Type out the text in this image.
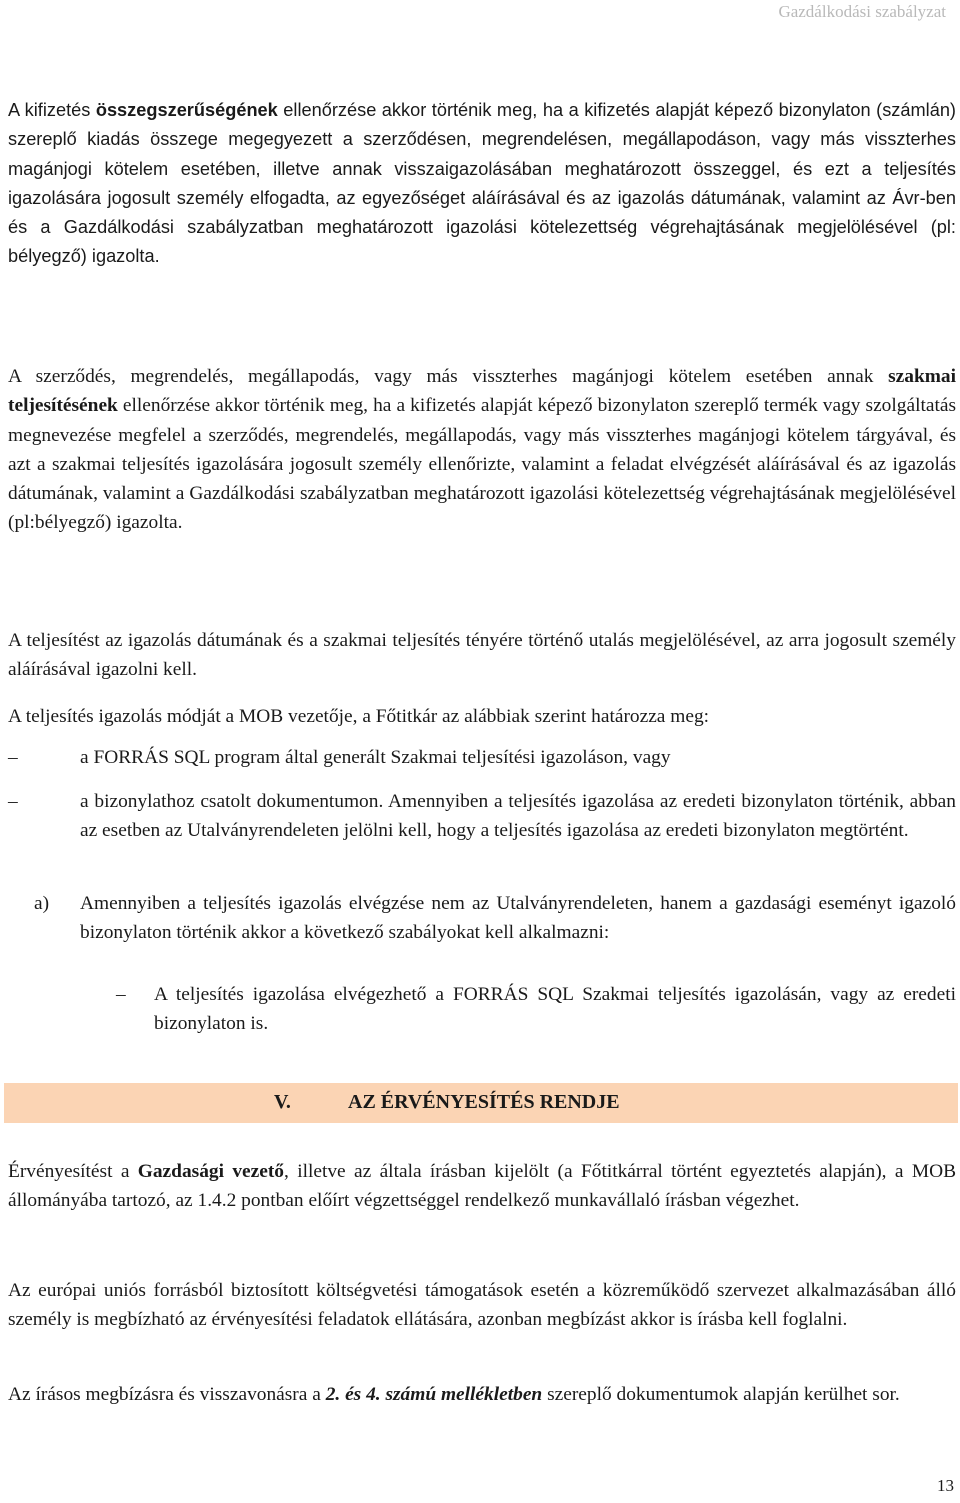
Gazdálkodási szabályzat
A kifizetés összegszerűségének ellenőrzése akkor történik meg, ha a kifizetés alapját képező bizonylaton (számlán) szereplő kiadás összege megegyezett a szerződésen, megrendelésen, megállapodáson, vagy más visszterhes magánjogi kötelem esetében, illetve annak visszaigazolásában meghatározott összeggel, és ezt a teljesítés igazolására jogosult személy elfogadta, az egyezőséget aláírásával és az igazolás dátumának, valamint az Ávr-ben és a Gazdálkodási szabályzatban meghatározott igazolási kötelezettség végrehajtásának megjelölésével (pl: bélyegző) igazolta.
A szerződés, megrendelés, megállapodás, vagy más visszterhes magánjogi kötelem esetében annak szakmai teljesítésének ellenőrzése akkor történik meg, ha a kifizetés alapját képező bizonylaton szereplő termék vagy szolgáltatás megnevezése megfelel a szerződés, megrendelés, megállapodás, vagy más visszterhes magánjogi kötelem tárgyával, és azt a szakmai teljesítés igazolására jogosult személy ellenőrizte, valamint a feladat elvégzését aláírásával és az igazolás dátumának, valamint a Gazdálkodási szabályzatban meghatározott igazolási kötelezettség végrehajtásának megjelölésével (pl:bélyegző) igazolta.
A teljesítést az igazolás dátumának és a szakmai teljesítés tényére történő utalás megjelölésével, az arra jogosult személy aláírásával igazolni kell.
A teljesítés igazolás módját a MOB vezetője, a Főtitkár az alábbiak szerint határozza meg:
–	a FORRÁS SQL program által generált Szakmai teljesítési igazoláson, vagy
–	a bizonylathoz csatolt dokumentumon. Amennyiben a teljesítés igazolása az eredeti bizonylaton történik, abban az esetben az Utalványrendeleten jelölni kell, hogy a teljesítés igazolása az eredeti bizonylaton megtörtént.
a) Amennyiben a teljesítés igazolás elvégzése nem az Utalványrendeleten, hanem a gazdasági eseményt igazoló bizonylaton történik akkor a következő szabályokat kell alkalmazni:
– A teljesítés igazolása elvégezhető a FORRÁS SQL Szakmai teljesítés igazolásán, vagy az eredeti bizonylaton is.
V.	AZ ÉRVÉNYESÍTÉS RENDJE
Érvényesítést a Gazdasági vezető, illetve az általa írásban kijelölt (a Főtitkárral történt egyeztetés alapján), a MOB állományába tartozó, az 1.4.2 pontban előírt végzettséggel rendelkező munkavállaló írásban végezhet.
Az európai uniós forrásból biztosított költségvetési támogatások esetén a közreműködő szervezet alkalmazásában álló személy is megbízható az érvényesítési feladatok ellátására, azonban megbízást akkor is írásba kell foglalni.
Az írásos megbízásra és visszavonásra a 2. és 4. számú mellékletben szereplő dokumentumok alapján kerülhet sor.
13
